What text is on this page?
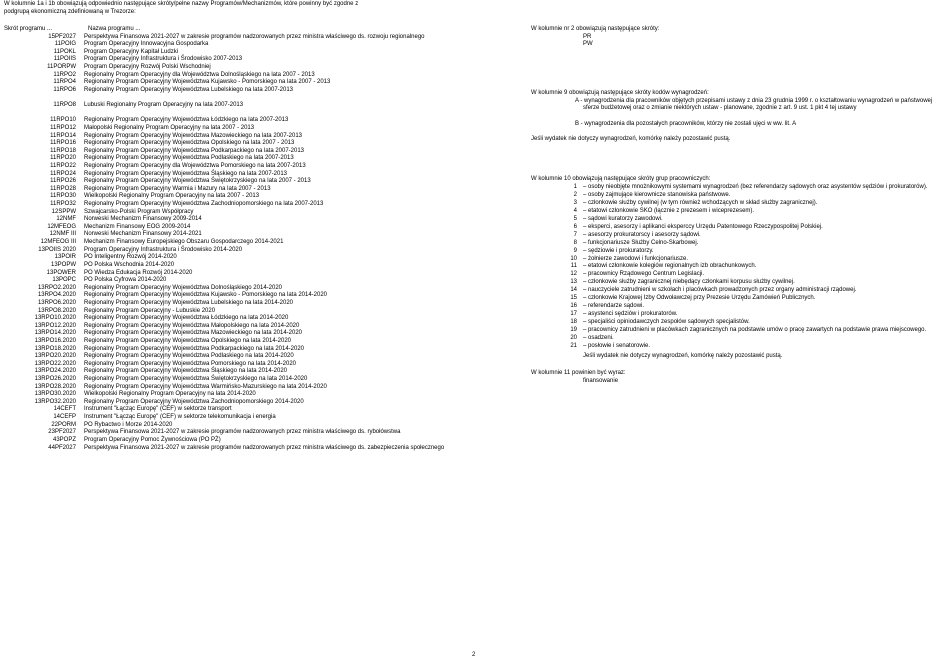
W kolumnie 1a i 1b obowiązują odpowiednio następujące skróty/pełne nazwy Programów/Mechanizmów, które powinny być zgodne z
podgrupą ekonomiczną zdefiniowaną w Trezorze:
Skrót programu ...	Nazwa programu ...
15PF2027	Perspektywa Finansowa 2021-2027 w zakresie programów nadzorowanych przez ministra właściwego ds. rozwoju regionalnego
11POIG	Program Operacyjny Innowacyjna Gospodarka
11POKL	Program Operacyjny Kapitał Ludzki
11POIIS	Program Operacyjny Infrastruktura i Środowisko 2007-2013
11PORPW	Program Operacyjny Rozwój Polski Wschodniej
11RPO2	Regionalny Program Operacyjny dla Województwa Dolnośląskiego na lata 2007 - 2013
11RPO4	Regionalny Program Operacyjny Województwa Kujawsko - Pomorskiego na lata 2007 - 2013
11RPO6	Regionalny Program Operacyjny Województwa Lubelskiego na lata 2007-2013
11RPO8	Lubuski Regionalny Program Operacyjny na lata 2007-2013
11RPO10	Regionalny Program Operacyjny Województwa Łódzkiego na lata 2007-2013
11RPO12	Małopolski Regionalny Program Operacyjny na lata 2007 - 2013
11RPO14	Regionalny Program Operacyjny Województwa Mazowieckiego na lata 2007-2013
11RPO16	Regionalny Program Operacyjny Województwa Opolskiego na lata 2007 - 2013
11RPO18	Regionalny Program Operacyjny Województwa Podkarpackiego na lata 2007-2013
11RPO20	Regionalny Program Operacyjny Województwa Podlaskiego na lata 2007-2013
11RPO22	Regionalny Program Operacyjny dla Województwa Pomorskiego na lata 2007-2013
11RPO24	Regionalny Program Operacyjny Województwa Śląskiego na lata 2007-2013
11RPO26	Regionalny Program Operacyjny Województwa Świętokrzyskiego na lata 2007 - 2013
11RPO28	Regionalny Program Operacyjny Warmia i Mazury na lata 2007 - 2013
11RPO30	Wielkopolski Regionalny Program Operacyjny na lata 2007 - 2013
11RPO32	Regionalny Program Operacyjny Województwa Zachodniopomorskiego na lata 2007-2013
12SPPW	Szwajcarsko-Polski Program Współpracy
12NMF	Norweski Mechanizm Finansowy 2009-2014
12MFEOG	Mechanizm Finansowy EOG 2009-2014
12NMF III	Norweski Mechanizm Finansowy 2014-2021
12MFEOG III	Mechanizm Finansowy Europejskiego Obszaru Gospodarczego 2014-2021
13POIIS 2020	Program Operacyjny Infrastruktura i Środowisko 2014-2020
13POIR	PO Inteligentny Rozwój 2014-2020
13POPW	PO Polska Wschodnia 2014-2020
13POWER	PO Wiedza Edukacja Rozwój 2014-2020
13POPC	PO Polska Cyfrowa 2014-2020
13RPO2.2020	Regionalny Program Operacyjny Województwa Dolnośląskiego 2014-2020
13RPO4.2020	Regionalny Program Operacyjny Województwa Kujawsko - Pomorskiego na lata 2014-2020
13RPO6.2020	Regionalny Program Operacyjny Województwa Lubelskiego na lata 2014-2020
13RPO8.2020	Regionalny Program Operacyjny - Lubuskie 2020
13RPO10.2020	Regionalny Program Operacyjny Województwa Łódzkiego na lata 2014-2020
13RPO12.2020	Regionalny Program Operacyjny Województwa Małopolskiego na lata 2014-2020
13RPO14.2020	Regionalny Program Operacyjny Województwa Mazowieckiego na lata 2014-2020
13RPO16.2020	Regionalny Program Operacyjny Województwa Opolskiego na lata 2014-2020
13RPO18.2020	Regionalny Program Operacyjny Województwa Podkarpackiego na lata 2014-2020
13RPO20.2020	Regionalny Program Operacyjny Województwa Podlaskiego na lata 2014-2020
13RPO22.2020	Regionalny Program Operacyjny Województwa Pomorskiego na lata 2014-2020
13RPO24.2020	Regionalny Program Operacyjny Województwa Śląskiego na lata 2014-2020
13RPO26.2020	Regionalny Program Operacyjny Województwa Świętokrzyskiego na lata 2014-2020
13RPO28.2020	Regionalny Program Operacyjny Województwa Warmińsko-Mazurskiego na lata 2014-2020
13RPO30.2020	Wielkopolski Regionalny Program Operacyjny na lata 2014-2020
13RPO32.2020	Regionalny Program Operacyjny Województwa Zachodniopomorskiego 2014-2020
14CEFT	Instrument "Łącząc Europę" (CEF) w sektorze transport
14CEFP	Instrument "Łącząc Europę" (CEF) w sektorze telekomunikacja i energia
22PORM	PO Rybactwo i Morze 2014-2020
23PF2027	Perspektywa Finansowa 2021-2027 w zakresie programów nadzorowanych przez ministra właściwego ds. rybołówstwa
43POPZ	Program Operacyjny Pomoc Żywnościowa (PO PŻ)
44PF2027	Perspektywa Finansowa 2021-2027 w zakresie programów nadzorowanych przez ministra właściwego ds. zabezpieczenia społecznego
W kolumnie nr 2 obowiązują następujące skróty:
PR
PW
W kolumnie 9 obowiązują następujące skróty kodów wynagrodzeń:
A - wynagrodzenia dla pracowników objętych przepisami ustawy z dnia 23 grudnia 1999 r. o kształtowaniu wynagrodzeń w państwowej
sferze budżetowej oraz o zmianie niektórych ustaw - planowane, zgodnie z art. 9 ust. 1 pkt 4 tej ustawy
B - wynagrodzenia dla pozostałych pracowników, którzy nie zostali ujęci w ww. lit. A
Jeśli wydatek nie dotyczy wynagrodzeń, komórkę należy pozostawić pustą.
W kolumnie 10 obowiązują następujące skróty grup pracowniczych:
1	– osoby nieobjęte mnożnikowymi systemami wynagrodzeń (bez referendarzy sądowych oraz asystentów sędziów i prokuratorów).
2	– osoby zajmujące kierownicze stanowiska państwowe.
3	– członkowie służby cywilnej (w tym również wchodzących w skład służby zagranicznej).
4	– etatowi członkowie SKO (łącznie z prezesem i wiceprezesem).
5	– sądowi kuratorzy zawodowi.
6	– eksperci, asesorzy i aplikanci eksperccy Urzędu Patentowego Rzeczypospolitej Polskiej.
7	– asesorzy prokuratorscy i asesorzy sądowi.
8	– funkcjonariusze Służby Celno-Skarbowej.
9	– sędziowie i prokuratorzy.
10	– żołnierze zawodowi i funkcjonariusze.
11	– etatowi członkowie kolegiów regionalnych izb obrachunkowych.
12	– pracownicy Rządowego Centrum Legislacji.
13	– członkowie służby zagranicznej niebędący członkami korpusu służby cywilnej.
14	– nauczyciele zatrudnieni w szkołach i placówkach prowadzonych przez organy administracji rządowej.
15	– członkowie Krajowej Izby Odwoławczej przy Prezesie Urzędu Zamówień Publicznych.
16	– referendarze sądowi.
17	– asystenci sędziów i prokuratorów.
18	– specjaliści opiniodawczych zespołów sądowych specjalistów.
19	– pracownicy zatrudnieni w placówkach zagranicznych na podstawie umów o pracę zawartych na podstawie prawa miejscowego.
20	– osadzeni.
21	– posłowie i senatorowie.
Jeśli wydatek nie dotyczy wynagrodzeń, komórkę należy pozostawić pustą.
W kolumnie 11 powinien być wyraz:
finansowanie
2
